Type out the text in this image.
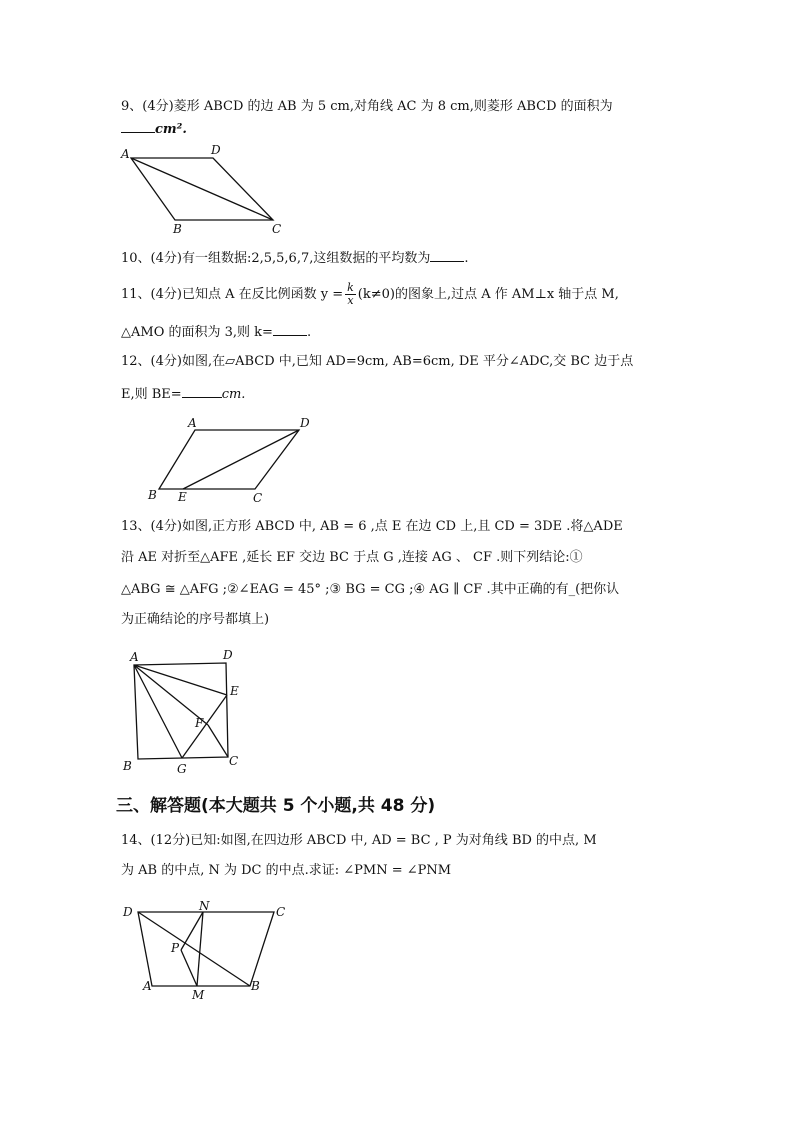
9、(4分)菱形 ABCD 的边 AB 为 5 cm,对角线 AC 为 8 cm,则菱形 ABCD 的面积为
cm².
A	D
B	C
10、(4分)有一组数据:2,5,5,6,7,这组数据的平均数为	.
11、(4分)已知点 A 在反比例函数 $y = \frac{k}{x} (k\ne 0)$的图象上,过点 A 作 AM⊥x 轴于点 M,
△AMO 的面积为 3,则 k=	.
12、(4分)如图,在▱ABCD 中,已知 AD=9cm, AB=6cm, DE 平分∠ADC,交 BC 边于点
E,则 BE=	cm.
A	D
B E	C
13、(4分)如图,正方形 ABCD 中, AB = 6 ,点 E 在边 CD 上,且 CD = 3DE .将△ADE
沿 AE 对折至△AFE ,延长 EF 交边 BC 于点 G ,连接 AG 、 CF .则下列结论:①
△ABG ≅ △AFG ;②∠EAG = 45° ;③ BG = CG ;④ AG ∥ CF .其中正确的有_(把你认
为正确结论的序号都填上)
A	D
E
F
B	G
C
三、解答题(本大题共 5 个小题,共 48 分)
14、(12分)已知:如图,在四边形 ABCD 中, AD = BC , P 为对角线 BD 的中点, M
为 AB 的中点, N 为 DC 的中点.求证: ∠PMN = ∠PNM
D	N	C
P
A
M
B
